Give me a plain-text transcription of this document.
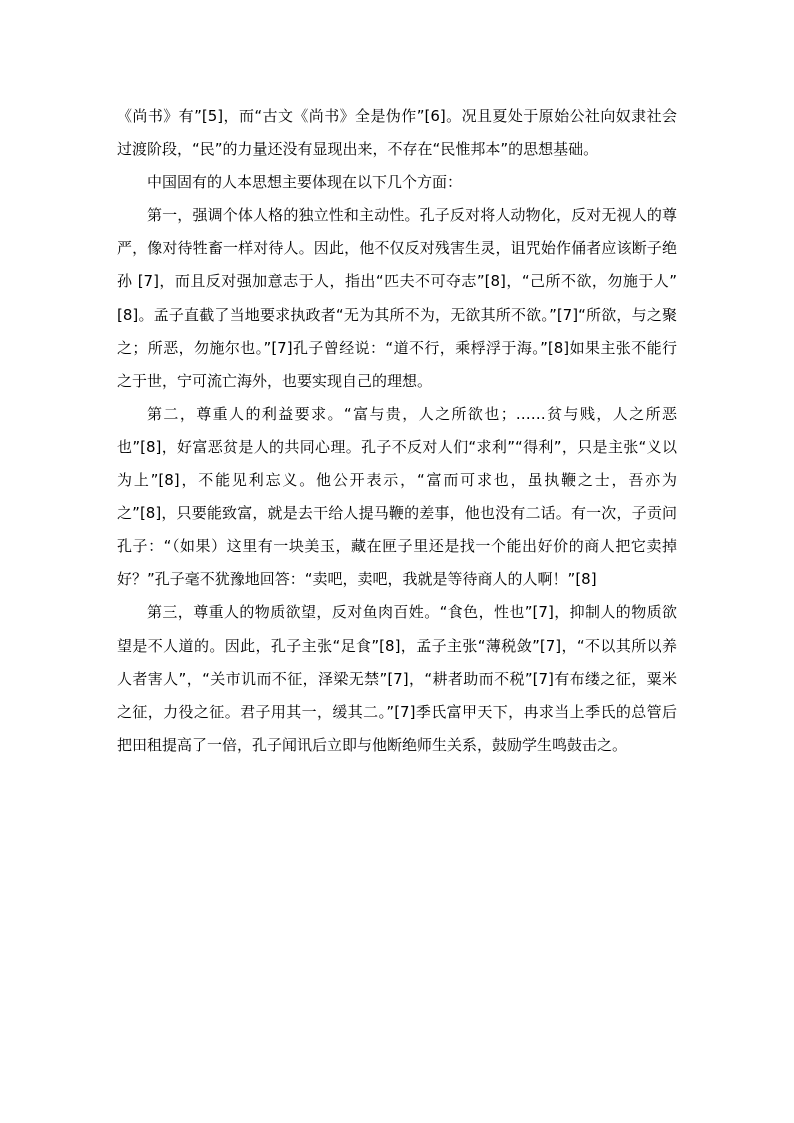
《尚书》有”[5]，而“古文《尚书》全是伪作”[6]。况且夏处于原始公社向奴隶社会过渡阶段，“民”的力量还没有显现出来，不存在“民惟邦本”的思想基础。

中国固有的人本思想主要体现在以下几个方面：

第一，强调个体人格的独立性和主动性。孔子反对将人动物化，反对无视人的尊严，像对待牲畜一样对待人。因此，他不仅反对残害生灵，诅咒始作俑者应该断子绝孙 [7]，而且反对强加意志于人，指出“匹夫不可夺志”[8]，“己所不欲，勿施于人” [8]。孟子直截了当地要求执政者“无为其所不为，无欲其所不欲。”[7]“所欲，与之聚之；所恶，勿施尔也。”[7]孔子曾经说：“道不行，乘桴浮于海。”[8]如果主张不能行之于世，宁可流亡海外，也要实现自己的理想。

第二，尊重人的利益要求。“富与贵，人之所欲也；……贫与贱，人之所恶也”[8]，好富恶贫是人的共同心理。孔子不反对人们“求利”“得利”，只是主张“义以为上”[8]，不能见利忘义。他公开表示，“富而可求也，虽执鞭之士，吾亦为之”[8]，只要能致富，就是去干给人提马鞭的差事，他也没有二话。有一次，子贡问孔子：“（如果）这里有一块美玉，藏在匣子里还是找一个能出好价的商人把它卖掉好？”孔子毫不犹豫地回答：“卖吧，卖吧，我就是等待商人的人啊！”[8]

第三，尊重人的物质欲望，反对鱼肉百姓。“食色，性也”[7]，抑制人的物质欲望是不人道的。因此，孔子主张“足食”[8]，孟子主张“薄税敛”[7]，“不以其所以养人者害人”，“关市讥而不征，泽梁无禁”[7]，“耕者助而不税”[7]有布缕之征，粟米之征，力役之征。君子用其一，缓其二。”[7]季氏富甲天下，冉求当上季氏的总管后把田租提高了一倍，孔子闻讯后立即与他断绝师生关系，鼓励学生鸣鼓击之。
